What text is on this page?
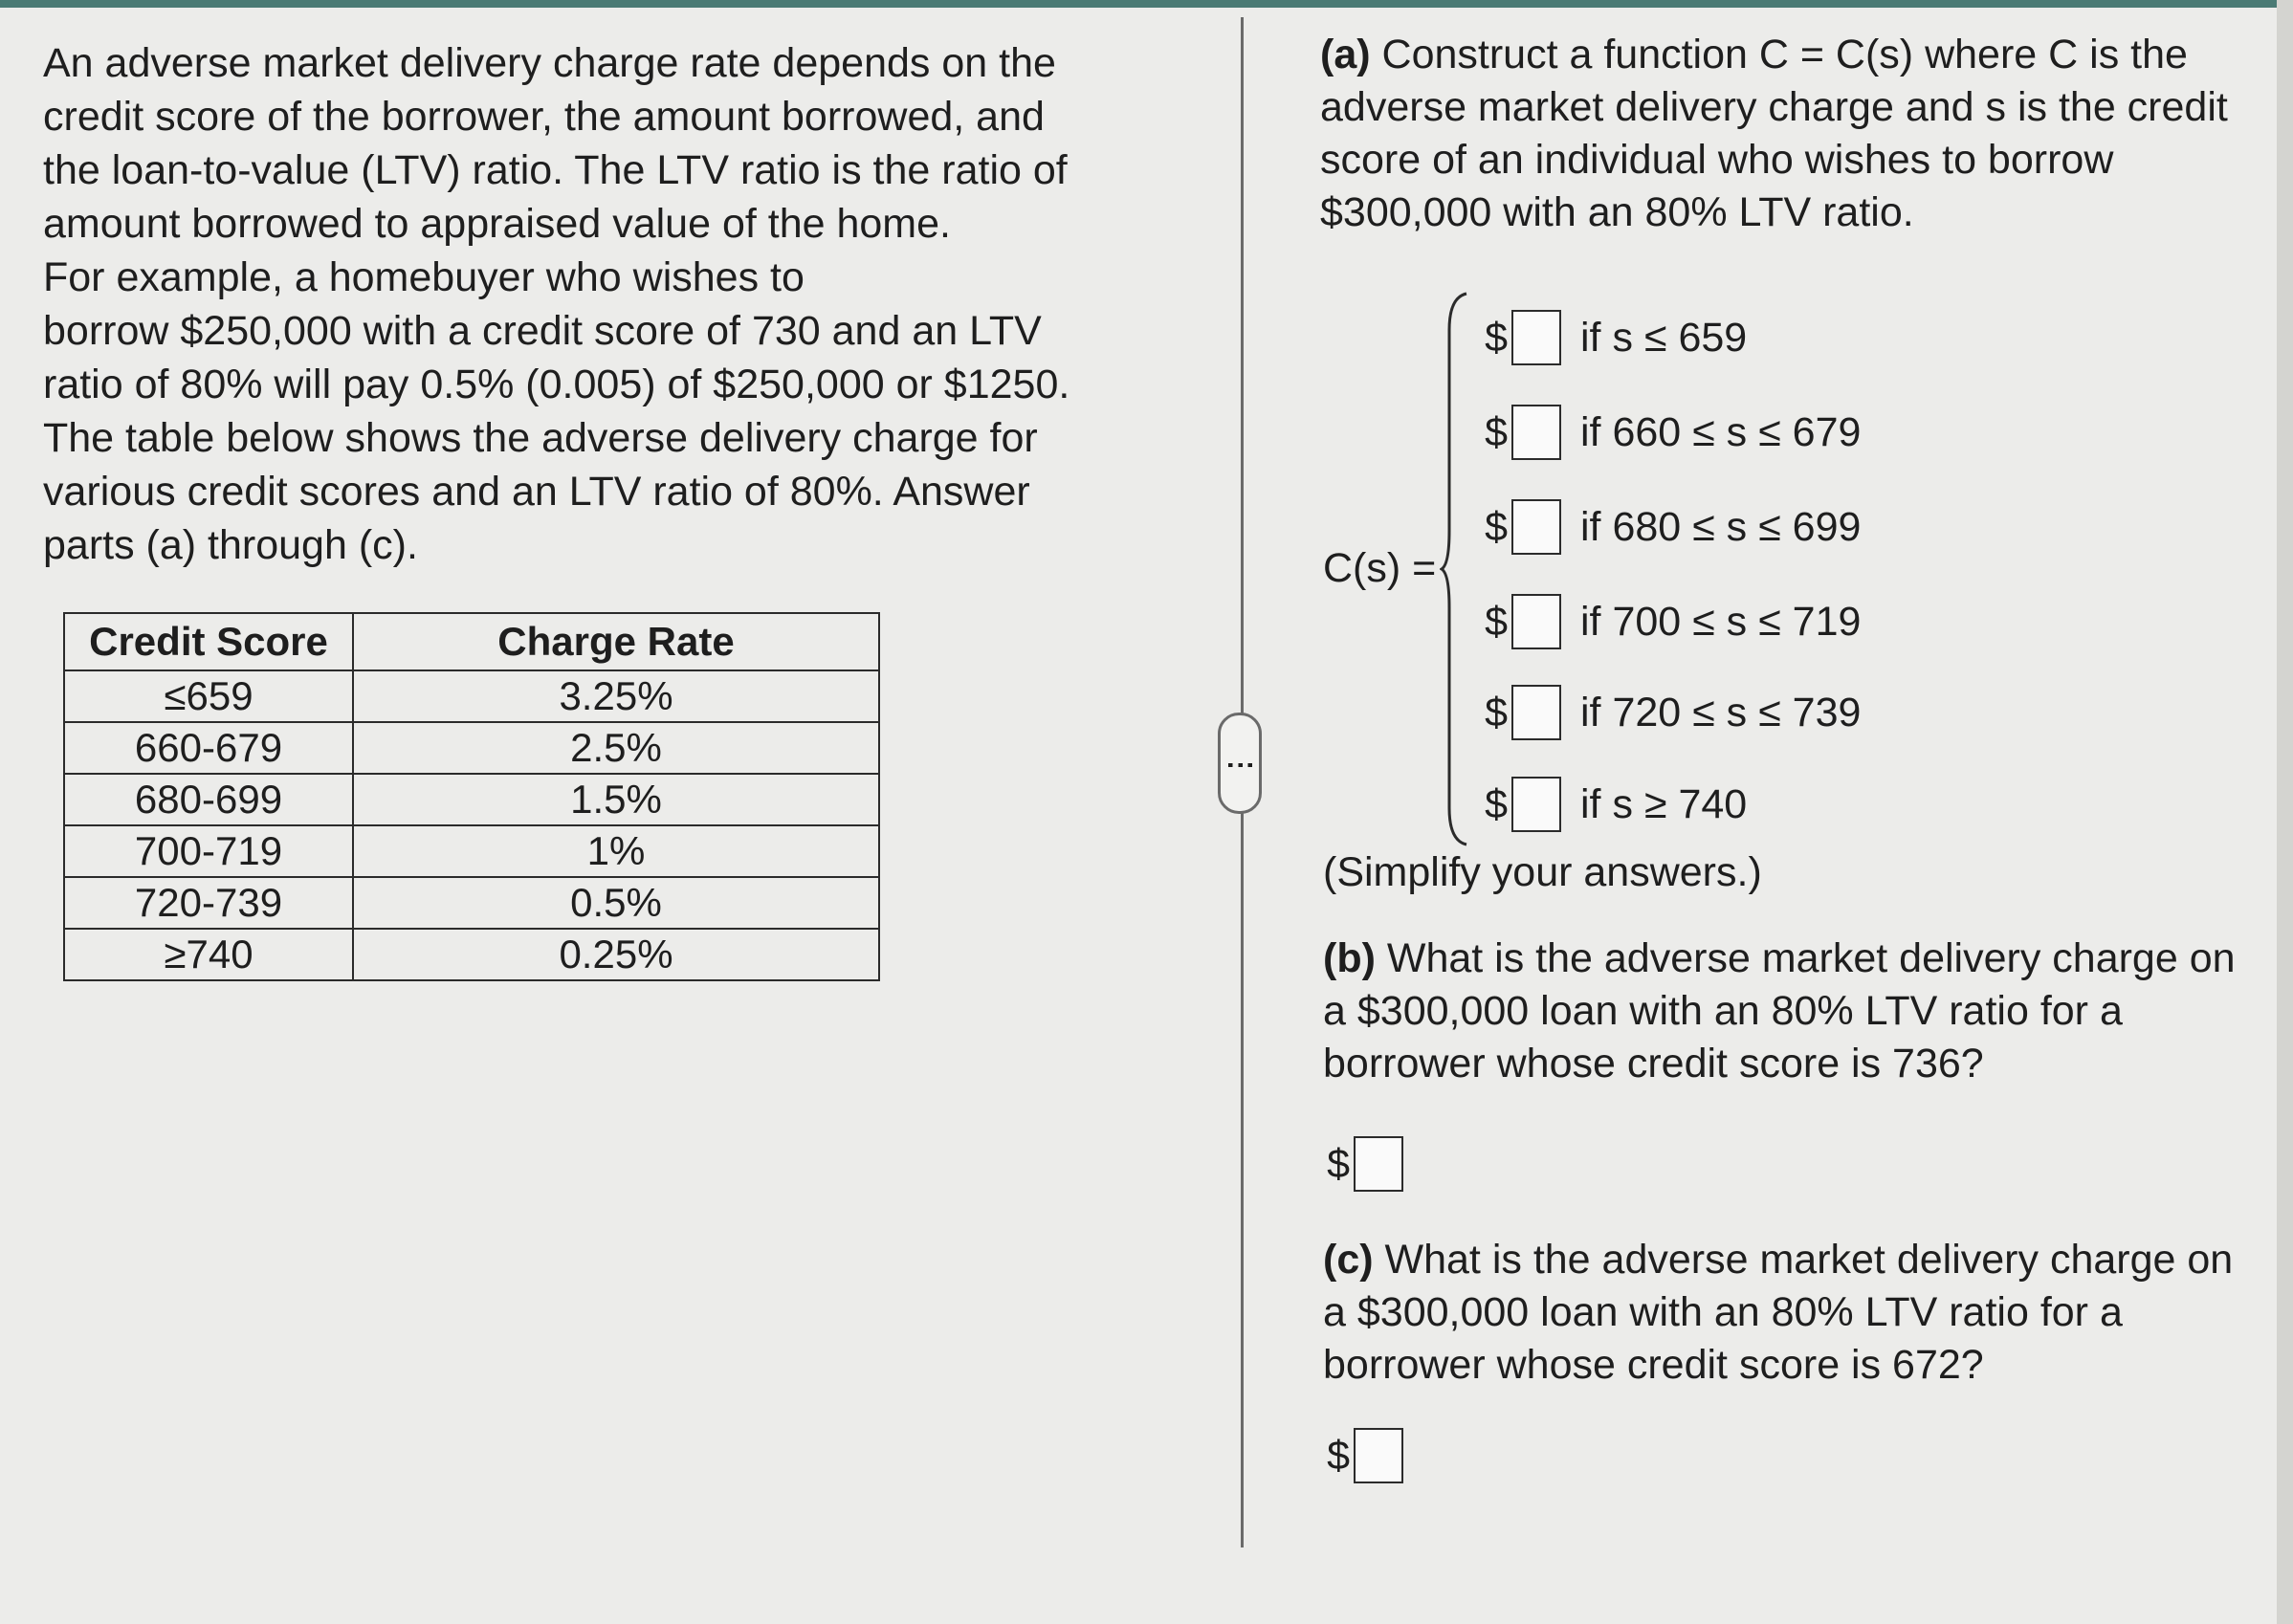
An adverse market delivery charge rate depends on the
credit score of the borrower, the amount borrowed, and
the loan-to-value (LTV) ratio. The LTV ratio is the ratio of
amount borrowed to appraised value of the home.
For example, a homebuyer who wishes to
borrow $250,000 with a credit score of 730 and an LTV
ratio of 80% will pay 0.5% (0.005) of $250,000 or $1250.
The table below shows the adverse delivery charge for
various credit scores and an LTV ratio of 80%. Answer
parts (a) through (c).

Credit Score	Charge Rate
≤659	3.25%
660-679	2.5%
680-699	1.5%
700-719	1%
720-739	0.5%
≥740	0.25%
⋮

(a) Construct a function C = C(s) where C is the
adverse market delivery charge and s is the credit
score of an individual who wishes to borrow
$300,000 with an 80% LTV ratio.

C(s) =
$ if s ≤ 659
$ if 660 ≤ s ≤ 679
$ if 680 ≤ s ≤ 699
$ if 700 ≤ s ≤ 719
$ if 720 ≤ s ≤ 739
$ if s ≥ 740
(Simplify your answers.)

(b) What is the adverse market delivery charge on
a $300,000 loan with an 80% LTV ratio for a
borrower whose credit score is 736?

$

(c) What is the adverse market delivery charge on
a $300,000 loan with an 80% LTV ratio for a
borrower whose credit score is 672?

$
